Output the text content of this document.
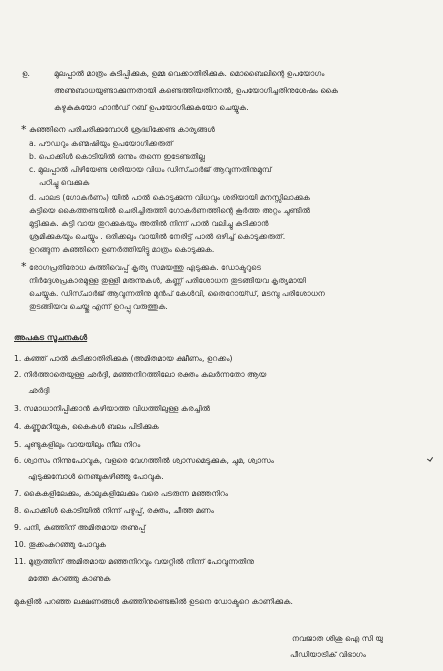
ഉ.	മുലപ്പാൽ മാത്രം കുടിപ്പിക്കുക, ഉമ്മ വെക്കാതിരിക്കുക. മൊബൈലിന്റെ ഉപയോഗം
അണുബാധയുണ്ടാക്കുന്നതായി കണ്ടെത്തിയതിനാൽ, ഉപയോഗിച്ചതിനുശേഷം കൈ
കഴുകുകയോ ഹാൻഡ് റബ് ഉപയോഗിക്കുകയോ ചെയ്യുക.
* കുഞ്ഞിനെ പരിചരിക്കുമ്പോൾ ശ്രദ്ധിക്കേണ്ട കാര്യങ്ങൾ
a. പൗഡറും കണ്മഷിയും ഉപയോഗിക്കരുത്
b. പൊക്കിൾ കൊടിയിൽ ഒന്നും തന്നെ ഇടേണ്ടതില്ല
c. മുലപ്പാൽ പിഴിയേണ്ട ശരിയായ വിധം ഡിസ്ചാർജ് ആവുന്നതിനുമുമ്പ്
പഠിച്ചു വെക്കുക
d. പാലട (ഗോകർണം) യിൽ പാൽ കൊടുക്കുന്ന വിധവും ശരിയായി മനസ്സിലാക്കുക
കുട്ടിയെ കൈത്തണ്ടയിൽ ചെരിച്ചിരുത്തി ഗോകർണത്തിന്റെ കൂർത്ത അറ്റം ചുണ്ടിൽ
മുട്ടിക്കുക. കുട്ടി വായ തുറക്കുകയും അതിൽ നിന്ന് പാൽ വലിച്ചു കുടിക്കാൻ
ശ്രമിക്കുകയും ചെയ്യും . ഒരിക്കലും വായിൽ നേരിട്ട് പാൽ ഒഴിച്ച് കൊടുക്കരുത്.
ഉറങ്ങുന്ന കുഞ്ഞിനെ ഉണർത്തിയിട്ടു മാത്രം കൊടുക്കുക.
* രോഗപ്രതിരോധ കുത്തിവെപ്പ് കൃത്യ സമയത്തു എടുക്കുക. ഡോക്ടറുടെ
നിർദ്ദേശപ്രകാരമുള്ള തുള്ളി മരുന്നുകൾ, കണ്ണ് പരിശോധന തുടങ്ങിയവ കൃത്യമായി
ചെയ്യുക. ഡിസ്ചാർജ് ആവുന്നതിനു മുൻപ് കേൾവി, തൈറോയ്ഡ്, മടമ്പു പരിശോധന
തുടങ്ങിയവ ചെയ്തു എന്ന് ഉറപ്പു വരുത്തുക.
അപകട സൂചനകൾ
1. കുഞ്ഞ് പാൽ കുടിക്കാതിരിക്കുക (അമിതമായ ക്ഷീണം, ഉറക്കം)
2. നിർത്താതെയുള്ള ഛർദ്ദി, മഞ്ഞനിറത്തിലോ രക്തം കലർന്നതോ ആയ
ഛർദ്ദി
3. സമാധാനിപ്പിക്കാൻ കഴിയാത്ത വിധത്തിലുള്ള കരച്ചിൽ
4. കണ്ണുമറിയുക, കൈകൾ ബലം പിടിക്കുക
5. ചുണ്ടുകളിലും വായയിലും നീല നിറം
6. ശ്വാസം നിന്നുപോവുക, വളരെ വേഗത്തിൽ ശ്വാസമെടുക്കുക, ചുമ, ശ്വാസം
എടുക്കുമ്പോൾ നെഞ്ചുകുഴിഞ്ഞു പോവുക.
7. കൈകളിലേക്കും, കാലുകളിലേക്കും വരെ പടരുന്ന മഞ്ഞനിറം
8. പൊക്കിൾ കൊടിയിൽ നിന്ന് പഴുപ്പ്, രക്തം, ചീത്ത മണം
9. പനി, കുഞ്ഞിന് അമിതമായ തണുപ്പ്
10. തൂക്കംകുറഞ്ഞു പോവുക
11. മൂത്രത്തിന് അമിതമായ മഞ്ഞനിറവും വയറ്റിൽ നിന്ന് പോവുന്നതിനു
മത്തേ കുറഞ്ഞു കാണുക
മുകളിൽ പറഞ്ഞ ലക്ഷണങ്ങൾ കുഞ്ഞിനുണ്ടെങ്കിൽ ഉടനെ ഡോക്ടറെ കാണിക്കുക.
നവജാത ശിശു ഐ സി യു
പീഡിയാട്രിക് വിഭാഗം
